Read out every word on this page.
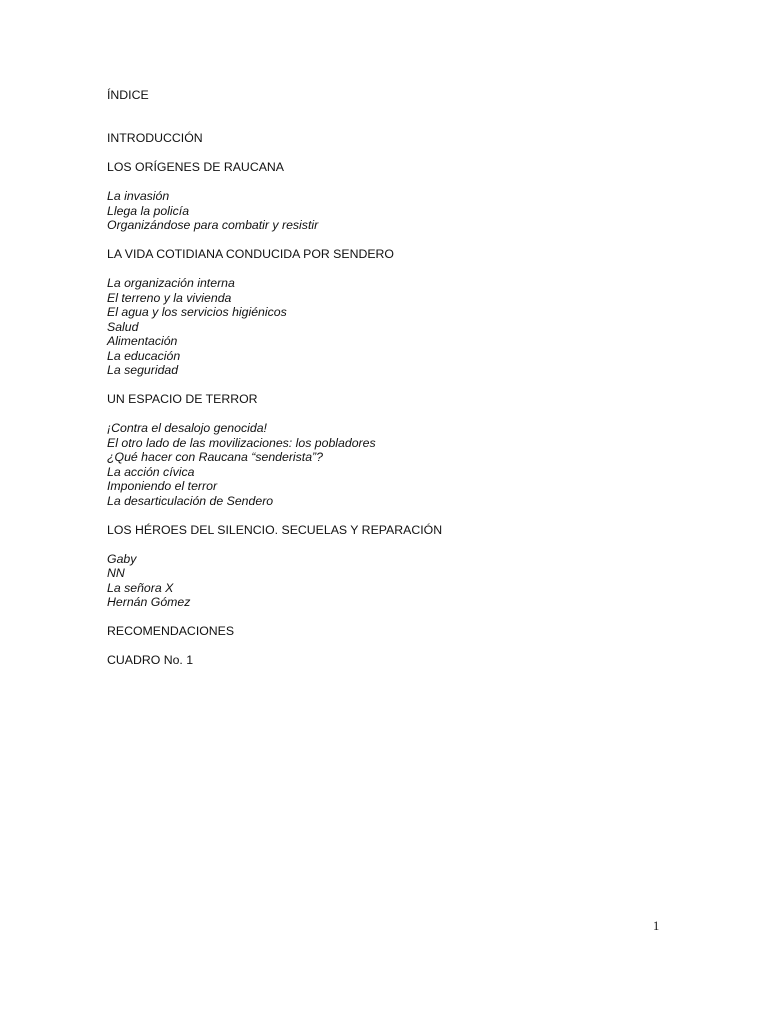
ÍNDICE
INTRODUCCIÓN
LOS ORÍGENES DE RAUCANA
La invasión
Llega la policía
Organizándose para combatir y resistir
LA VIDA COTIDIANA CONDUCIDA POR SENDERO
La organización interna
El terreno y la vivienda
El agua y los servicios higiénicos
Salud
Alimentación
La educación
La seguridad
UN ESPACIO DE TERROR
¡Contra el desalojo genocida!
El otro lado de las movilizaciones: los pobladores
¿Qué hacer con Raucana “senderista”?
La acción cívica
Imponiendo el terror
La desarticulación de Sendero
LOS HÉROES DEL SILENCIO. SECUELAS Y REPARACIÓN
Gaby
NN
La señora X
Hernán Gómez
RECOMENDACIONES
CUADRO No. 1
1
